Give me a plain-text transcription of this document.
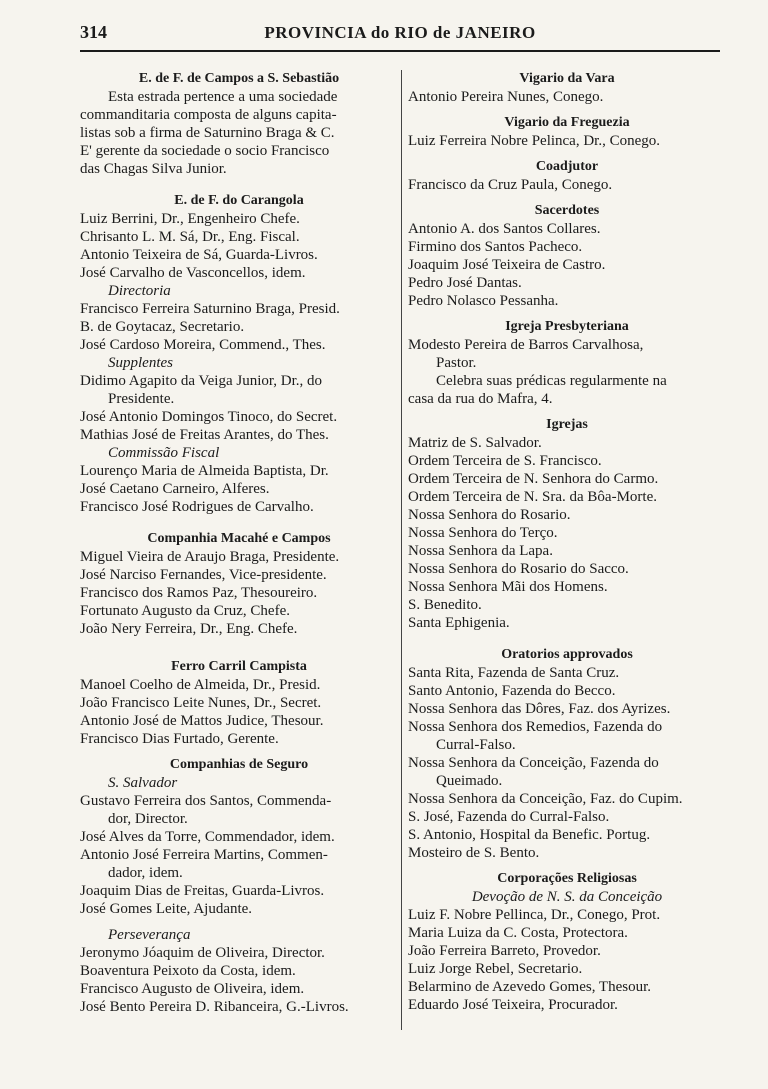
314	PROVINCIA do RIO de JANEIRO
E. de F. de Campos a S. Sebastião
Esta estrada pertence a uma sociedade
commanditaria composta de alguns capita-
listas sob a firma de Saturnino Braga & C.
E' gerente da sociedade o socio Francisco
das Chagas Silva Junior.
E. de F. do Carangola
Luiz Berrini, Dr., Engenheiro Chefe.
Chrisanto L. M. Sá, Dr., Eng. Fiscal.
Antonio Teixeira de Sá, Guarda-Livros.
José Carvalho de Vasconcellos, idem.
Directoria
Francisco Ferreira Saturnino Braga, Presid.
B. de Goytacaz, Secretario.
José Cardoso Moreira, Commend., Thes.
Supplentes
Didimo Agapito da Veiga Junior, Dr., do
Presidente.
José Antonio Domingos Tinoco, do Secret.
Mathias José de Freitas Arantes, do Thes.
Commissão Fiscal
Lourenço Maria de Almeida Baptista, Dr.
José Caetano Carneiro, Alferes.
Francisco José Rodrigues de Carvalho.
Companhia Macahé e Campos
Miguel Vieira de Araujo Braga, Presidente.
José Narciso Fernandes, Vice-presidente.
Francisco dos Ramos Paz, Thesoureiro.
Fortunato Augusto da Cruz, Chefe.
João Nery Ferreira, Dr., Eng. Chefe.
Ferro Carril Campista
Manoel Coelho de Almeida, Dr., Presid.
João Francisco Leite Nunes, Dr., Secret.
Antonio José de Mattos Judice, Thesour.
Francisco Dias Furtado, Gerente.
Companhias de Seguro
S. Salvador
Gustavo Ferreira dos Santos, Commenda-
dor, Director.
José Alves da Torre, Commendador, idem.
Antonio José Ferreira Martins, Commen-
dador, idem.
Joaquim Dias de Freitas, Guarda-Livros.
José Gomes Leite, Ajudante.
Perseverança
Jeronymo Jóaquim de Oliveira, Director.
Boaventura Peixoto da Costa, idem.
Francisco Augusto de Oliveira, idem.
José Bento Pereira D. Ribanceira, G.-Livros.
Vigario da Vara
Antonio Pereira Nunes, Conego.
Vigario da Freguezia
Luiz Ferreira Nobre Pelinca, Dr., Conego.
Coadjutor
Francisco da Cruz Paula, Conego.
Sacerdotes
Antonio A. dos Santos Collares.
Firmino dos Santos Pacheco.
Joaquim José Teixeira de Castro.
Pedro José Dantas.
Pedro Nolasco Pessanha.
Igreja Presbyteriana
Modesto Pereira de Barros Carvalhosa,
Pastor.
Celebra suas prédicas regularmente na
casa da rua do Mafra, 4.
Igrejas
Matriz de S. Salvador.
Ordem Terceira de S. Francisco.
Ordem Terceira de N. Senhora do Carmo.
Ordem Terceira de N. Sra. da Bôa-Morte.
Nossa Senhora do Rosario.
Nossa Senhora do Terço.
Nossa Senhora da Lapa.
Nossa Senhora do Rosario do Sacco.
Nossa Senhora Mãi dos Homens.
S. Benedito.
Santa Ephigenia.
Oratorios approvados
Santa Rita, Fazenda de Santa Cruz.
Santo Antonio, Fazenda do Becco.
Nossa Senhora das Dôres, Faz. dos Ayrizes.
Nossa Senhora dos Remedios, Fazenda do
Curral-Falso.
Nossa Senhora da Conceição, Fazenda do
Queimado.
Nossa Senhora da Conceição, Faz. do Cupim.
S. José, Fazenda do Curral-Falso.
S. Antonio, Hospital da Benefic. Portug.
Mosteiro de S. Bento.
Corporações Religiosas
Devoção de N. S. da Conceição
Luiz F. Nobre Pellinca, Dr., Conego, Prot.
Maria Luiza da C. Costa, Protectora.
João Ferreira Barreto, Provedor.
Luiz Jorge Rebel, Secretario.
Belarmino de Azevedo Gomes, Thesour.
Eduardo José Teixeira, Procurador.
